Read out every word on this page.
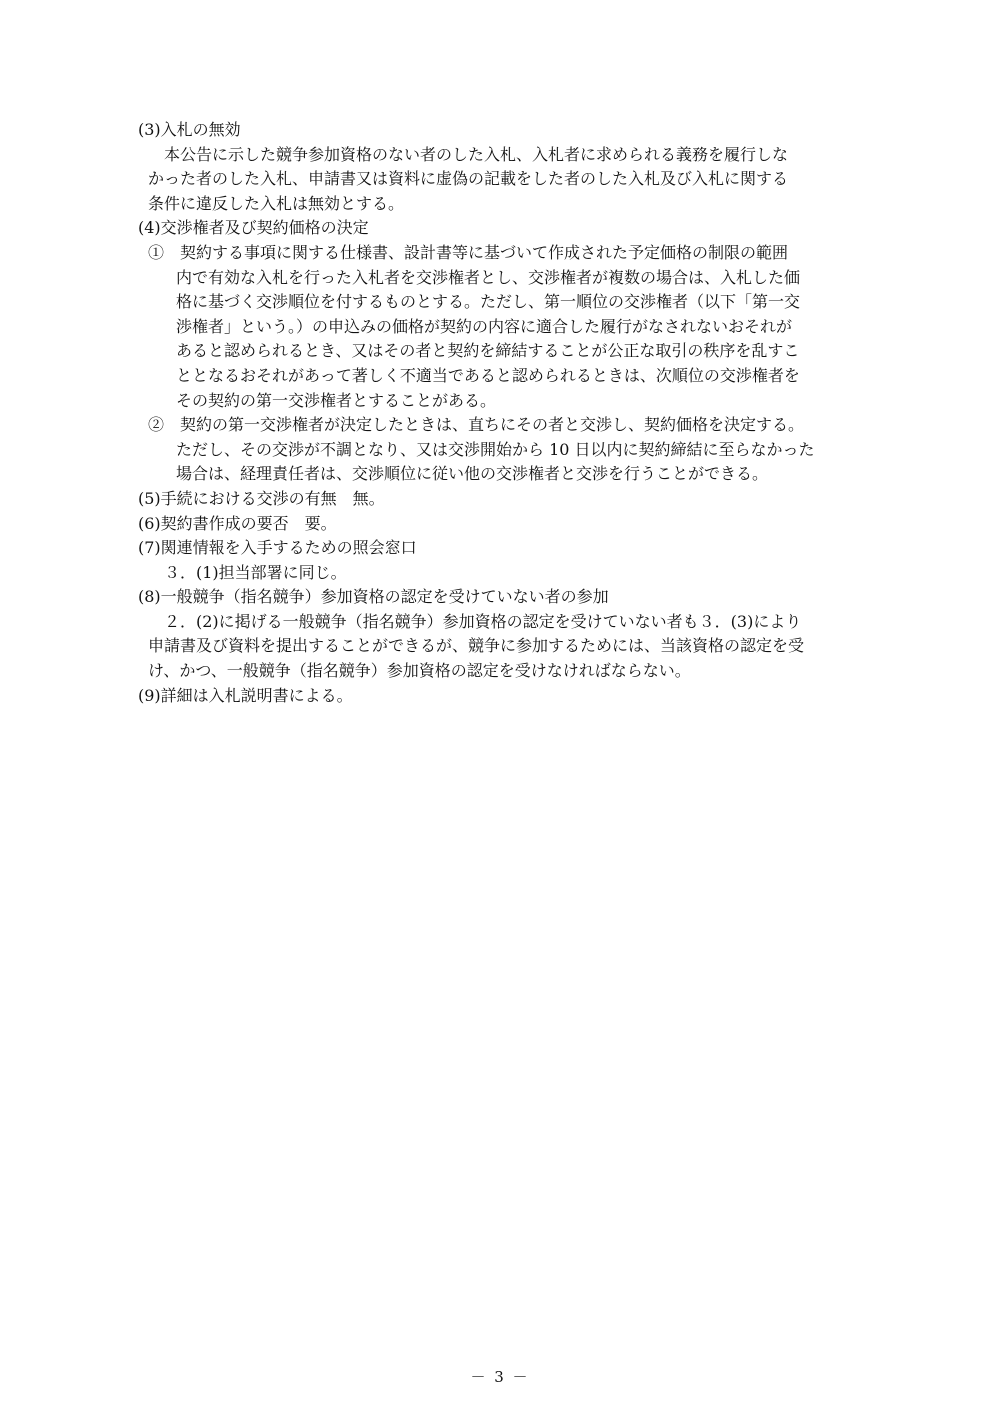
(3)入札の無効
　本公告に示した競争参加資格のない者のした入札、入札者に求められる義務を履行しな
かった者のした入札、申請書又は資料に虚偽の記載をした者のした入札及び入札に関する
条件に違反した入札は無効とする。
(4)交渉権者及び契約価格の決定
①　契約する事項に関する仕様書、設計書等に基づいて作成された予定価格の制限の範囲
内で有効な入札を行った入札者を交渉権者とし、交渉権者が複数の場合は、入札した価
格に基づく交渉順位を付するものとする。ただし、第一順位の交渉権者（以下「第一交
渉権者」という。）の申込みの価格が契約の内容に適合した履行がなされないおそれが
あると認められるとき、又はその者と契約を締結することが公正な取引の秩序を乱すこ
ととなるおそれがあって著しく不適当であると認められるときは、次順位の交渉権者を
その契約の第一交渉権者とすることがある。
②　契約の第一交渉権者が決定したときは、直ちにその者と交渉し、契約価格を決定する。
ただし、その交渉が不調となり、又は交渉開始から 10 日以内に契約締結に至らなかった
場合は、経理責任者は、交渉順位に従い他の交渉権者と交渉を行うことができる。
(5)手続における交渉の有無　無。
(6)契約書作成の要否　要。
(7)関連情報を入手するための照会窓口
　３．(1)担当部署に同じ。
(8)一般競争（指名競争）参加資格の認定を受けていない者の参加
　２．(2)に掲げる一般競争（指名競争）参加資格の認定を受けていない者も３．(3)により
申請書及び資料を提出することができるが、競争に参加するためには、当該資格の認定を受
け、かつ、一般競争（指名競争）参加資格の認定を受けなければならない。
(9)詳細は入札説明書による。
－ 3 －
